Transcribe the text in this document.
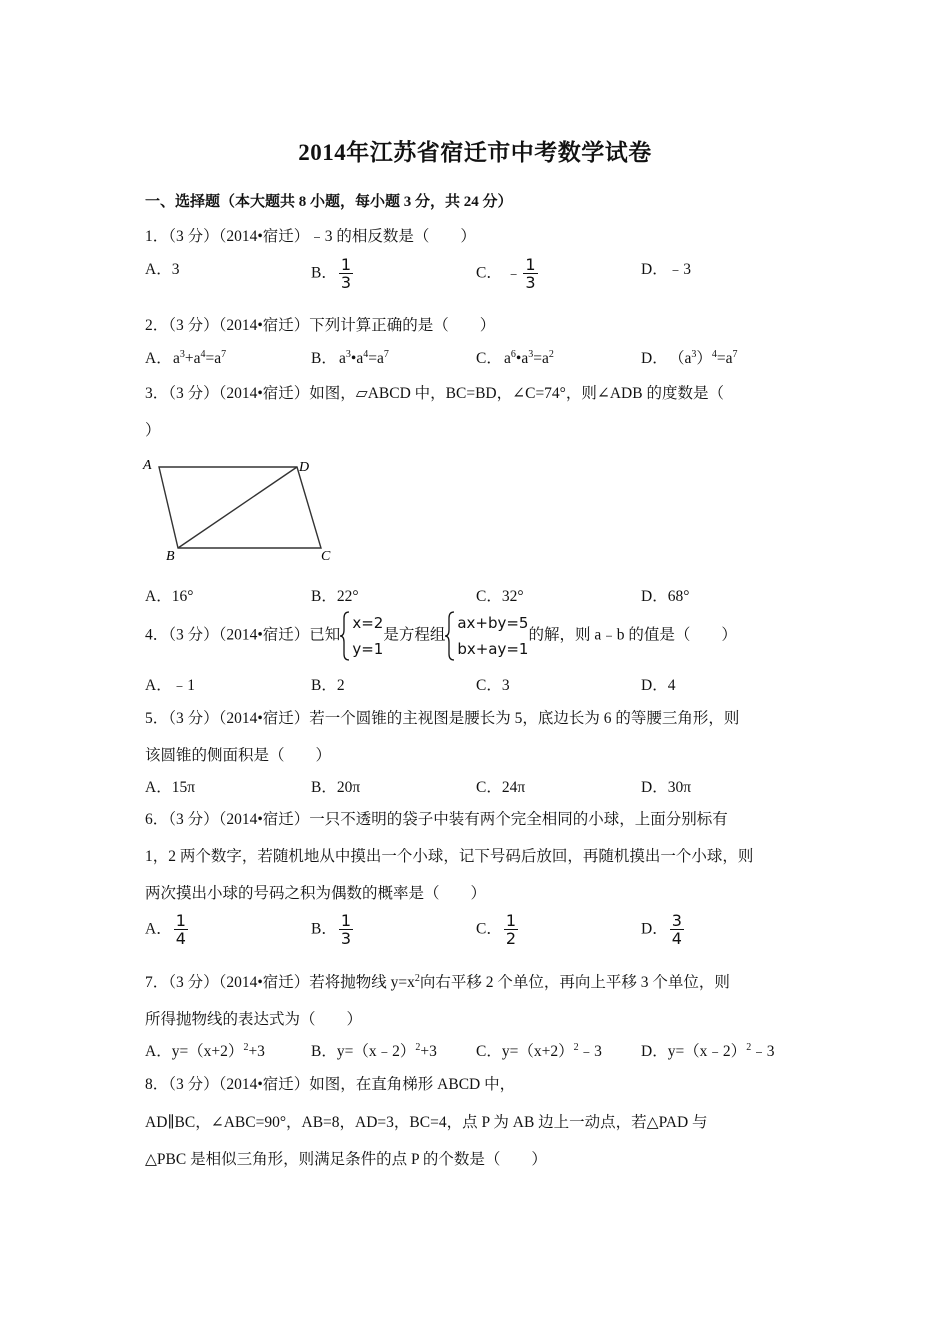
2014年江苏省宿迁市中考数学试卷
一、选择题（本大题共 8 小题，每小题 3 分，共 24 分）
1．（3 分）（2014•宿迁）﹣3 的相反数是（　　）
A．3	B． $\frac{1}{3}$	C． ﹣ $\frac{1}{3}$	D．﹣3
2．（3 分）（2014•宿迁）下列计算正确的是（　　）
A．$a^3+a^4=a^7$	B． $a^3•a^4=a^7$	C． $a^6•a^3=a^2$	D．$(a^3)^4=a^7$
3．（3 分）（2014•宿迁）如图，▱ABCD 中，BC=BD，∠C=74°，则∠ADB 的度数是（
）
A	D
B	C
A．16°	B．22°	C．32°	D．68°
4．（3 分）（2014•宿迁）已知
x=2
y=1
是方程组
ax+by=5
bx+ay=1
的解，则 a﹣b 的值是（　　）
A．﹣1	B．2	C．3	D．4
5．（3 分）（2014•宿迁）若一个圆锥的主视图是腰长为 5，底边长为 6 的等腰三角形，则
该圆锥的侧面积是（　　）
A．15π	B．20π	C．24π	D．30π
6．（3 分）（2014•宿迁）一只不透明的袋子中装有两个完全相同的小球，上面分别标有
1，2 两个数字，若随机地从中摸出一个小球，记下号码后放回，再随机摸出一个小球，则
两次摸出小球的号码之积为偶数的概率是（　　）
A． $\frac{1}{4}$	B． $\frac{1}{3}$	C． $\frac{1}{2}$	D． $\frac{3}{4}$
7．（3 分）（2014•宿迁）若将抛物线 $y=x^2$向右平移 2 个单位，再向上平移 3 个单位，则
所得抛物线的表达式为（　　）
A．$y=(x+2)^2+3$	B．y=（x﹣2）$^2$+3	C．$y=(x+2)^2﹣3$	D．y=（x﹣2）$^2$﹣3
8．（3 分）（2014•宿迁）如图，在直角梯形 ABCD 中，
AD∥BC，∠ABC=90°，AB=8，AD=3，BC=4，点 P 为 AB 边上一动点，若△PAD 与
△PBC 是相似三角形，则满足条件的点 P 的个数是（　　）
